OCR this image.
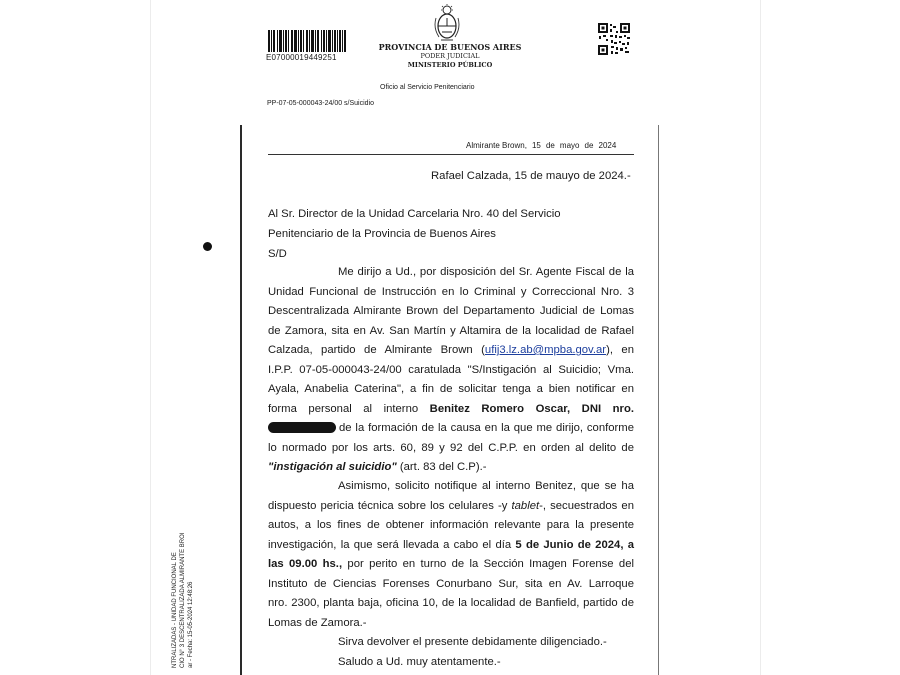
E07000019449251
PROVINCIA DE BUENOS AIRES
PODER JUDICIAL
MINISTERIO PÚBLICO
Oficio al Servicio Penitenciario
PP-07-05-000043-24/00 s/Suicidio
Almirante Brown, 15 de mayo de 2024
Rafael Calzada, 15 de mauyo de 2024.-
Al Sr. Director de la Unidad Carcelaria Nro. 40 del Servicio
Penitenciario de la Provincia de Buenos Aires
S/D
Me dirijo a Ud., por disposición del Sr. Agente Fiscal de la
Unidad Funcional de Instrucción en lo Criminal y Correccional Nro. 3
Descentralizada Almirante Brown del Departamento Judicial de Lomas
de Zamora, sita en Av. San Martín y Altamira de la localidad de Rafael
Calzada, partido de Almirante Brown (ufij3.lz.ab@mpba.gov.ar), en
I.P.P. 07-05-000043-24/00 caratulada "S/Instigación al Suicidio; Vma.
Ayala, Anabelia Caterina", a fin de solicitar tenga a bien notificar en
forma personal al interno Benitez Romero Oscar, DNI nro.
de la formación de la causa en la que me dirijo, conforme
lo normado por los arts. 60, 89 y 92 del C.P.P. en orden al delito de
"instigación al suicidio" (art. 83 del C.P).-
Asimismo, solicito notifique al interno Benitez, que se ha
dispuesto pericia técnica sobre los celulares -y tablet-, secuestrados en
autos, a los fines de obtener información relevante para la presente
investigación, la que será llevada a cabo el día 5 de Junio de 2024, a
las 09.00 hs., por perito en turno de la Sección Imagen Forense del
Instituto de Ciencias Forenses Conurbano Sur, sita en Av. Larroque
nro. 2300, planta baja, oficina 10, de la localidad de Banfield, partido de
Lomas de Zamora.-
Sirva devolver el presente debidamente diligenciado.-
Saludo a Ud. muy atentamente.-
NTRALIZADAS - UNIDAD FUNCIONAL DE CIO N° 3 DESCENTRALIZADA ALMIRANTE BROI ar - Fecha: 15-05-2024 12:48:26
